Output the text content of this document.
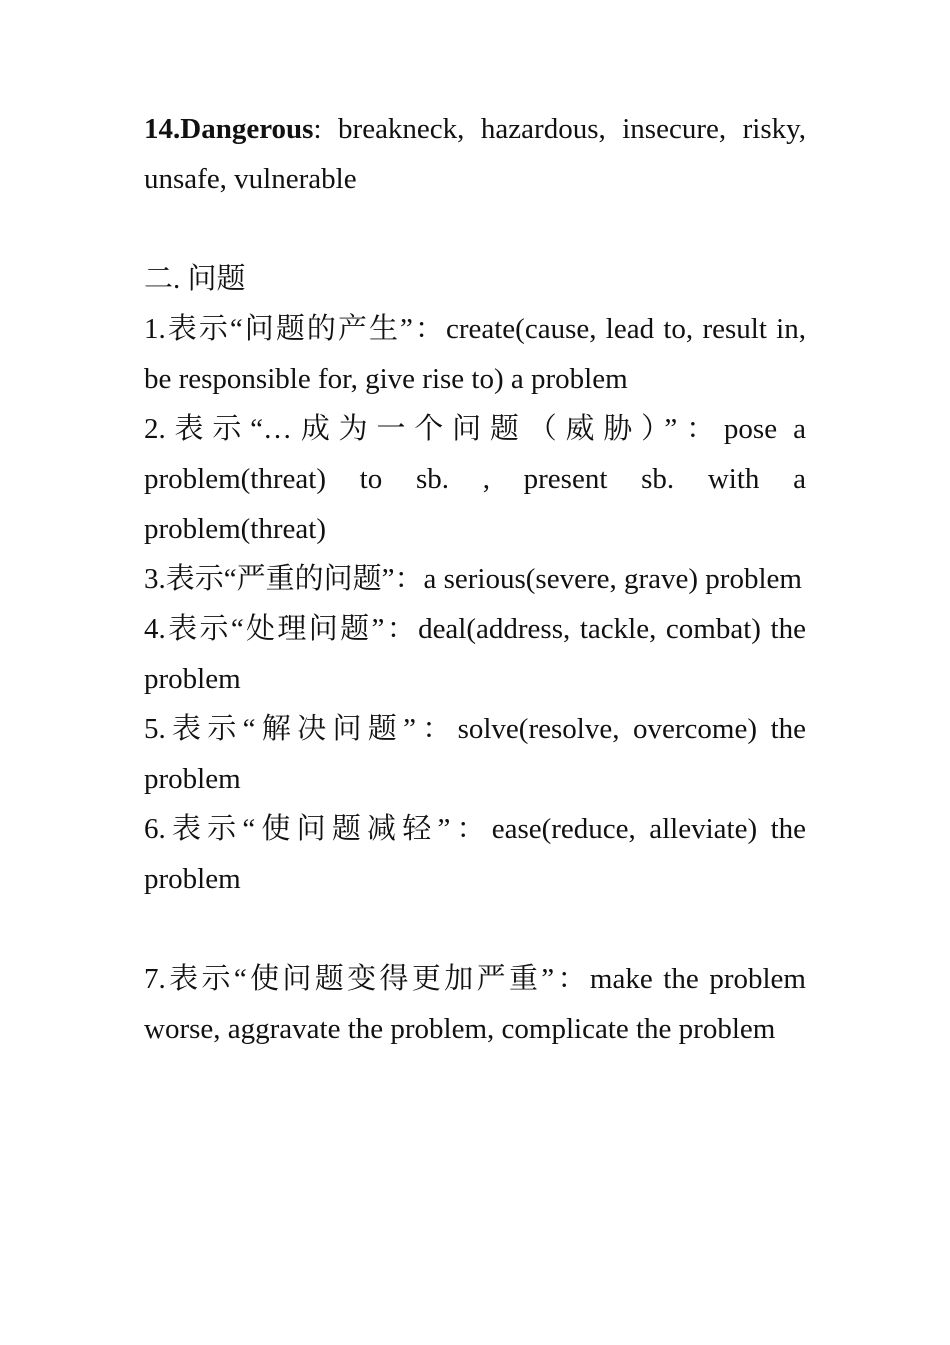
14.Dangerous: breakneck, hazardous, insecure, risky, unsafe, vulnerable

二. 问题

1.表示“问题的产生”：create(cause, lead to, result in, be responsible for, give rise to) a problem

2.表示“…成为一个问题（威胁）”：pose a problem(threat) to sb. , present sb. with a problem(threat)

3.表示“严重的问题”：a serious(severe, grave) problem

4.表示“处理问题”：deal(address, tackle, combat) the problem

5.表示“解决问题”：solve(resolve, overcome) the problem

6.表示“使问题减轻”：ease(reduce, alleviate) the problem

7.表示“使问题变得更加严重”：make the problem worse, aggravate the problem, complicate the problem
